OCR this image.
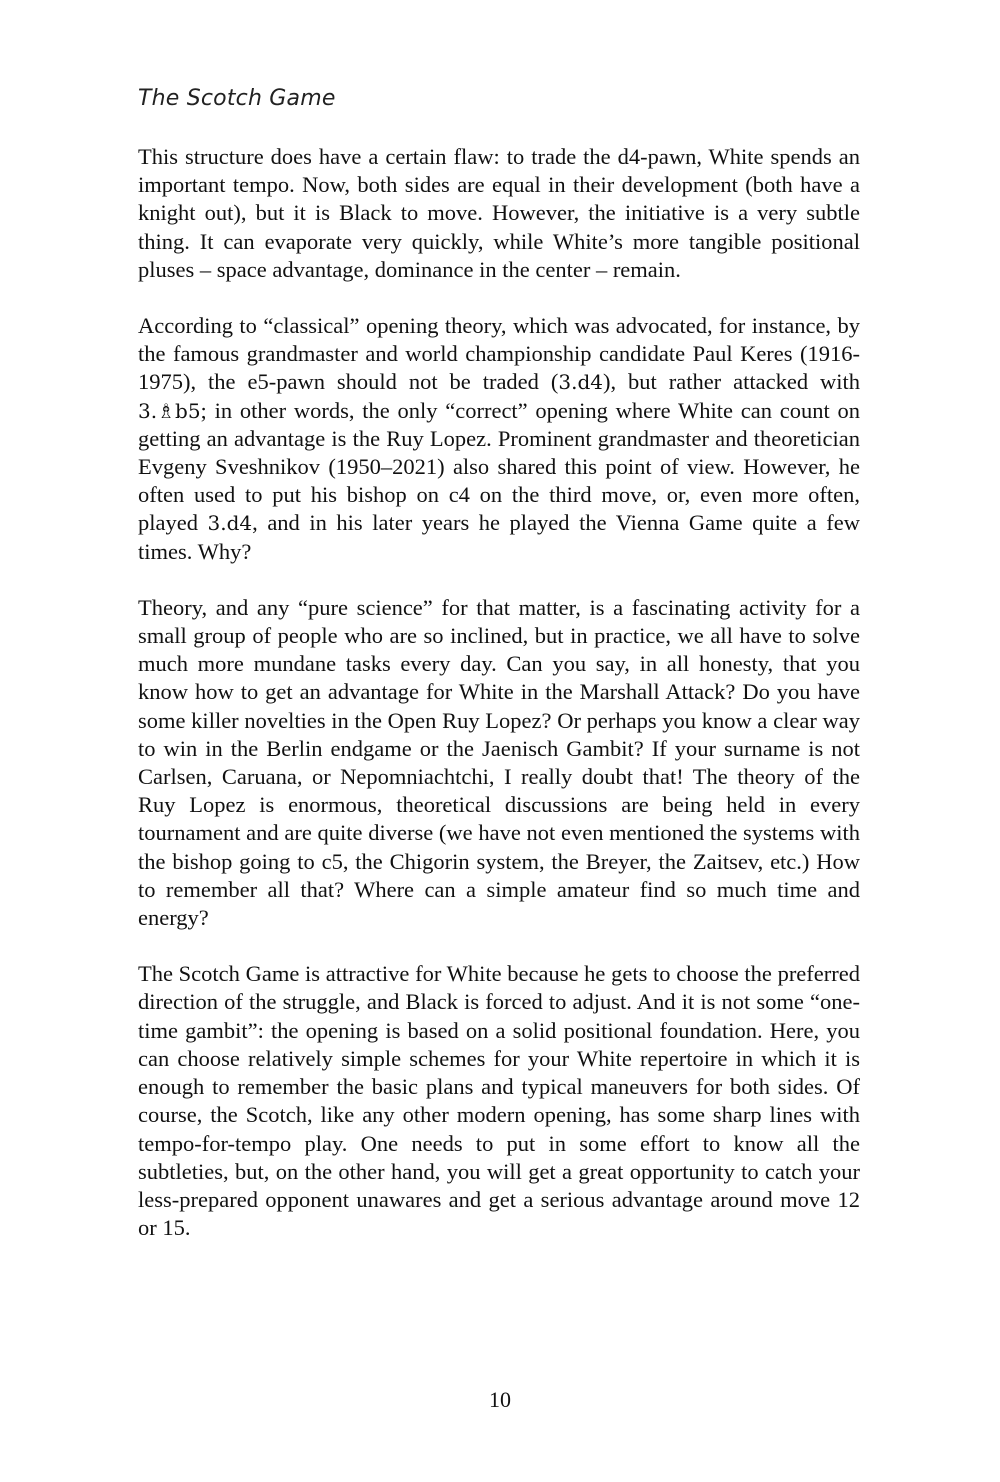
The Scotch Game

This structure does have a certain flaw: to trade the d4-pawn, White spends an important tempo. Now, both sides are equal in their development (both have a knight out), but it is Black to move. However, the initiative is a very subtle thing. It can evaporate very quickly, while White’s more tangible positional pluses – space advantage, dominance in the center – remain.

According to “classical” opening theory, which was advocated, for instance, by the famous grandmaster and world championship candidate Paul Keres (1916-1975), the e5-pawn should not be traded (3.d4), but rather attacked with 3.♗b5; in other words, the only “correct” opening where White can count on getting an advantage is the Ruy Lopez. Prominent grandmaster and theoretician Evgeny Sveshnikov (1950–2021) also shared this point of view. However, he often used to put his bishop on c4 on the third move, or, even more often, played 3.d4, and in his later years he played the Vienna Game quite a few times. Why?

Theory, and any “pure science” for that matter, is a fascinating activity for a small group of people who are so inclined, but in practice, we all have to solve much more mundane tasks every day. Can you say, in all honesty, that you know how to get an advantage for White in the Marshall Attack? Do you have some killer novelties in the Open Ruy Lopez? Or perhaps you know a clear way to win in the Berlin endgame or the Jaenisch Gambit? If your surname is not Carlsen, Caruana, or Nepomniachtchi, I really doubt that! The theory of the Ruy Lopez is enormous, theoretical discussions are being held in every tournament and are quite diverse (we have not even mentioned the systems with the bishop going to c5, the Chigorin system, the Breyer, the Zaitsev, etc.) How to remember all that? Where can a simple amateur find so much time and energy?

The Scotch Game is attractive for White because he gets to choose the preferred direction of the struggle, and Black is forced to adjust. And it is not some “one-time gambit”: the opening is based on a solid positional foundation. Here, you can choose relatively simple schemes for your White repertoire in which it is enough to remember the basic plans and typical maneuvers for both sides. Of course, the Scotch, like any other modern opening, has some sharp lines with tempo-for-tempo play. One needs to put in some effort to know all the subtleties, but, on the other hand, you will get a great opportunity to catch your less-prepared opponent unawares and get a serious advantage around move 12 or 15.

10
